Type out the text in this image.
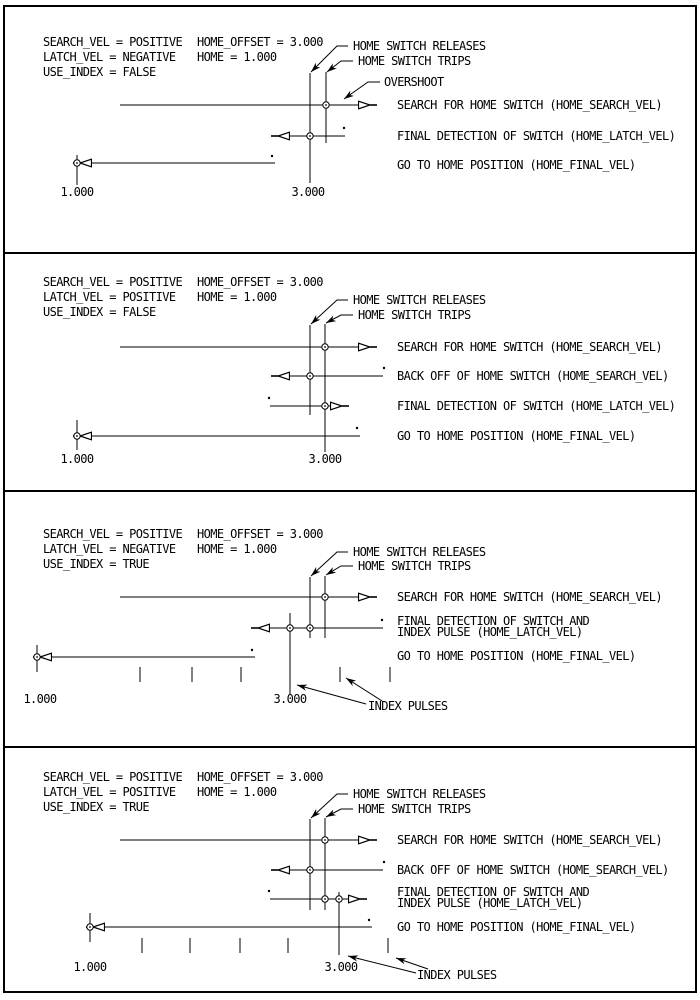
SEARCH_VEL = POSITIVE HOME_OFFSET = 3.000
LATCH_VEL = NEGATIVE HOME = 1.000
USE_INDEX = FALSE
HOME SWITCH RELEASES
HOME SWITCH TRIPS
OVERSHOOT
SEARCH FOR HOME SWITCH (HOME_SEARCH_VEL)
FINAL DETECTION OF SWITCH (HOME_LATCH_VEL)
GO TO HOME POSITION (HOME_FINAL_VEL)
1.000	3.000
SEARCH_VEL = POSITIVE HOME_OFFSET = 3.000
LATCH_VEL = POSITIVE HOME = 1.000
USE_INDEX = FALSE
HOME SWITCH RELEASES
HOME SWITCH TRIPS
SEARCH FOR HOME SWITCH (HOME_SEARCH_VEL)
BACK OFF OF HOME SWITCH (HOME_SEARCH_VEL)
FINAL DETECTION OF SWITCH (HOME_LATCH_VEL)
GO TO HOME POSITION (HOME_FINAL_VEL)
1.000	3.000
SEARCH_VEL = POSITIVE HOME_OFFSET = 3.000
LATCH_VEL = NEGATIVE HOME = 1.000
USE_INDEX = TRUE
HOME SWITCH RELEASES
HOME SWITCH TRIPS
SEARCH FOR HOME SWITCH (HOME_SEARCH_VEL)
FINAL DETECTION OF SWITCH AND
INDEX PULSE (HOME_LATCH_VEL)
GO TO HOME POSITION (HOME_FINAL_VEL)
1.000	3.000	INDEX PULSES
SEARCH_VEL = POSITIVE HOME_OFFSET = 3.000
LATCH_VEL = POSITIVE HOME = 1.000
USE_INDEX = TRUE
HOME SWITCH RELEASES
HOME SWITCH TRIPS
SEARCH FOR HOME SWITCH (HOME_SEARCH_VEL)
BACK OFF OF HOME SWITCH (HOME_SEARCH_VEL)
FINAL DETECTION OF SWITCH AND
INDEX PULSE (HOME_LATCH_VEL)
GO TO HOME POSITION (HOME_FINAL_VEL)
1.000	3.000
INDEX PULSES
